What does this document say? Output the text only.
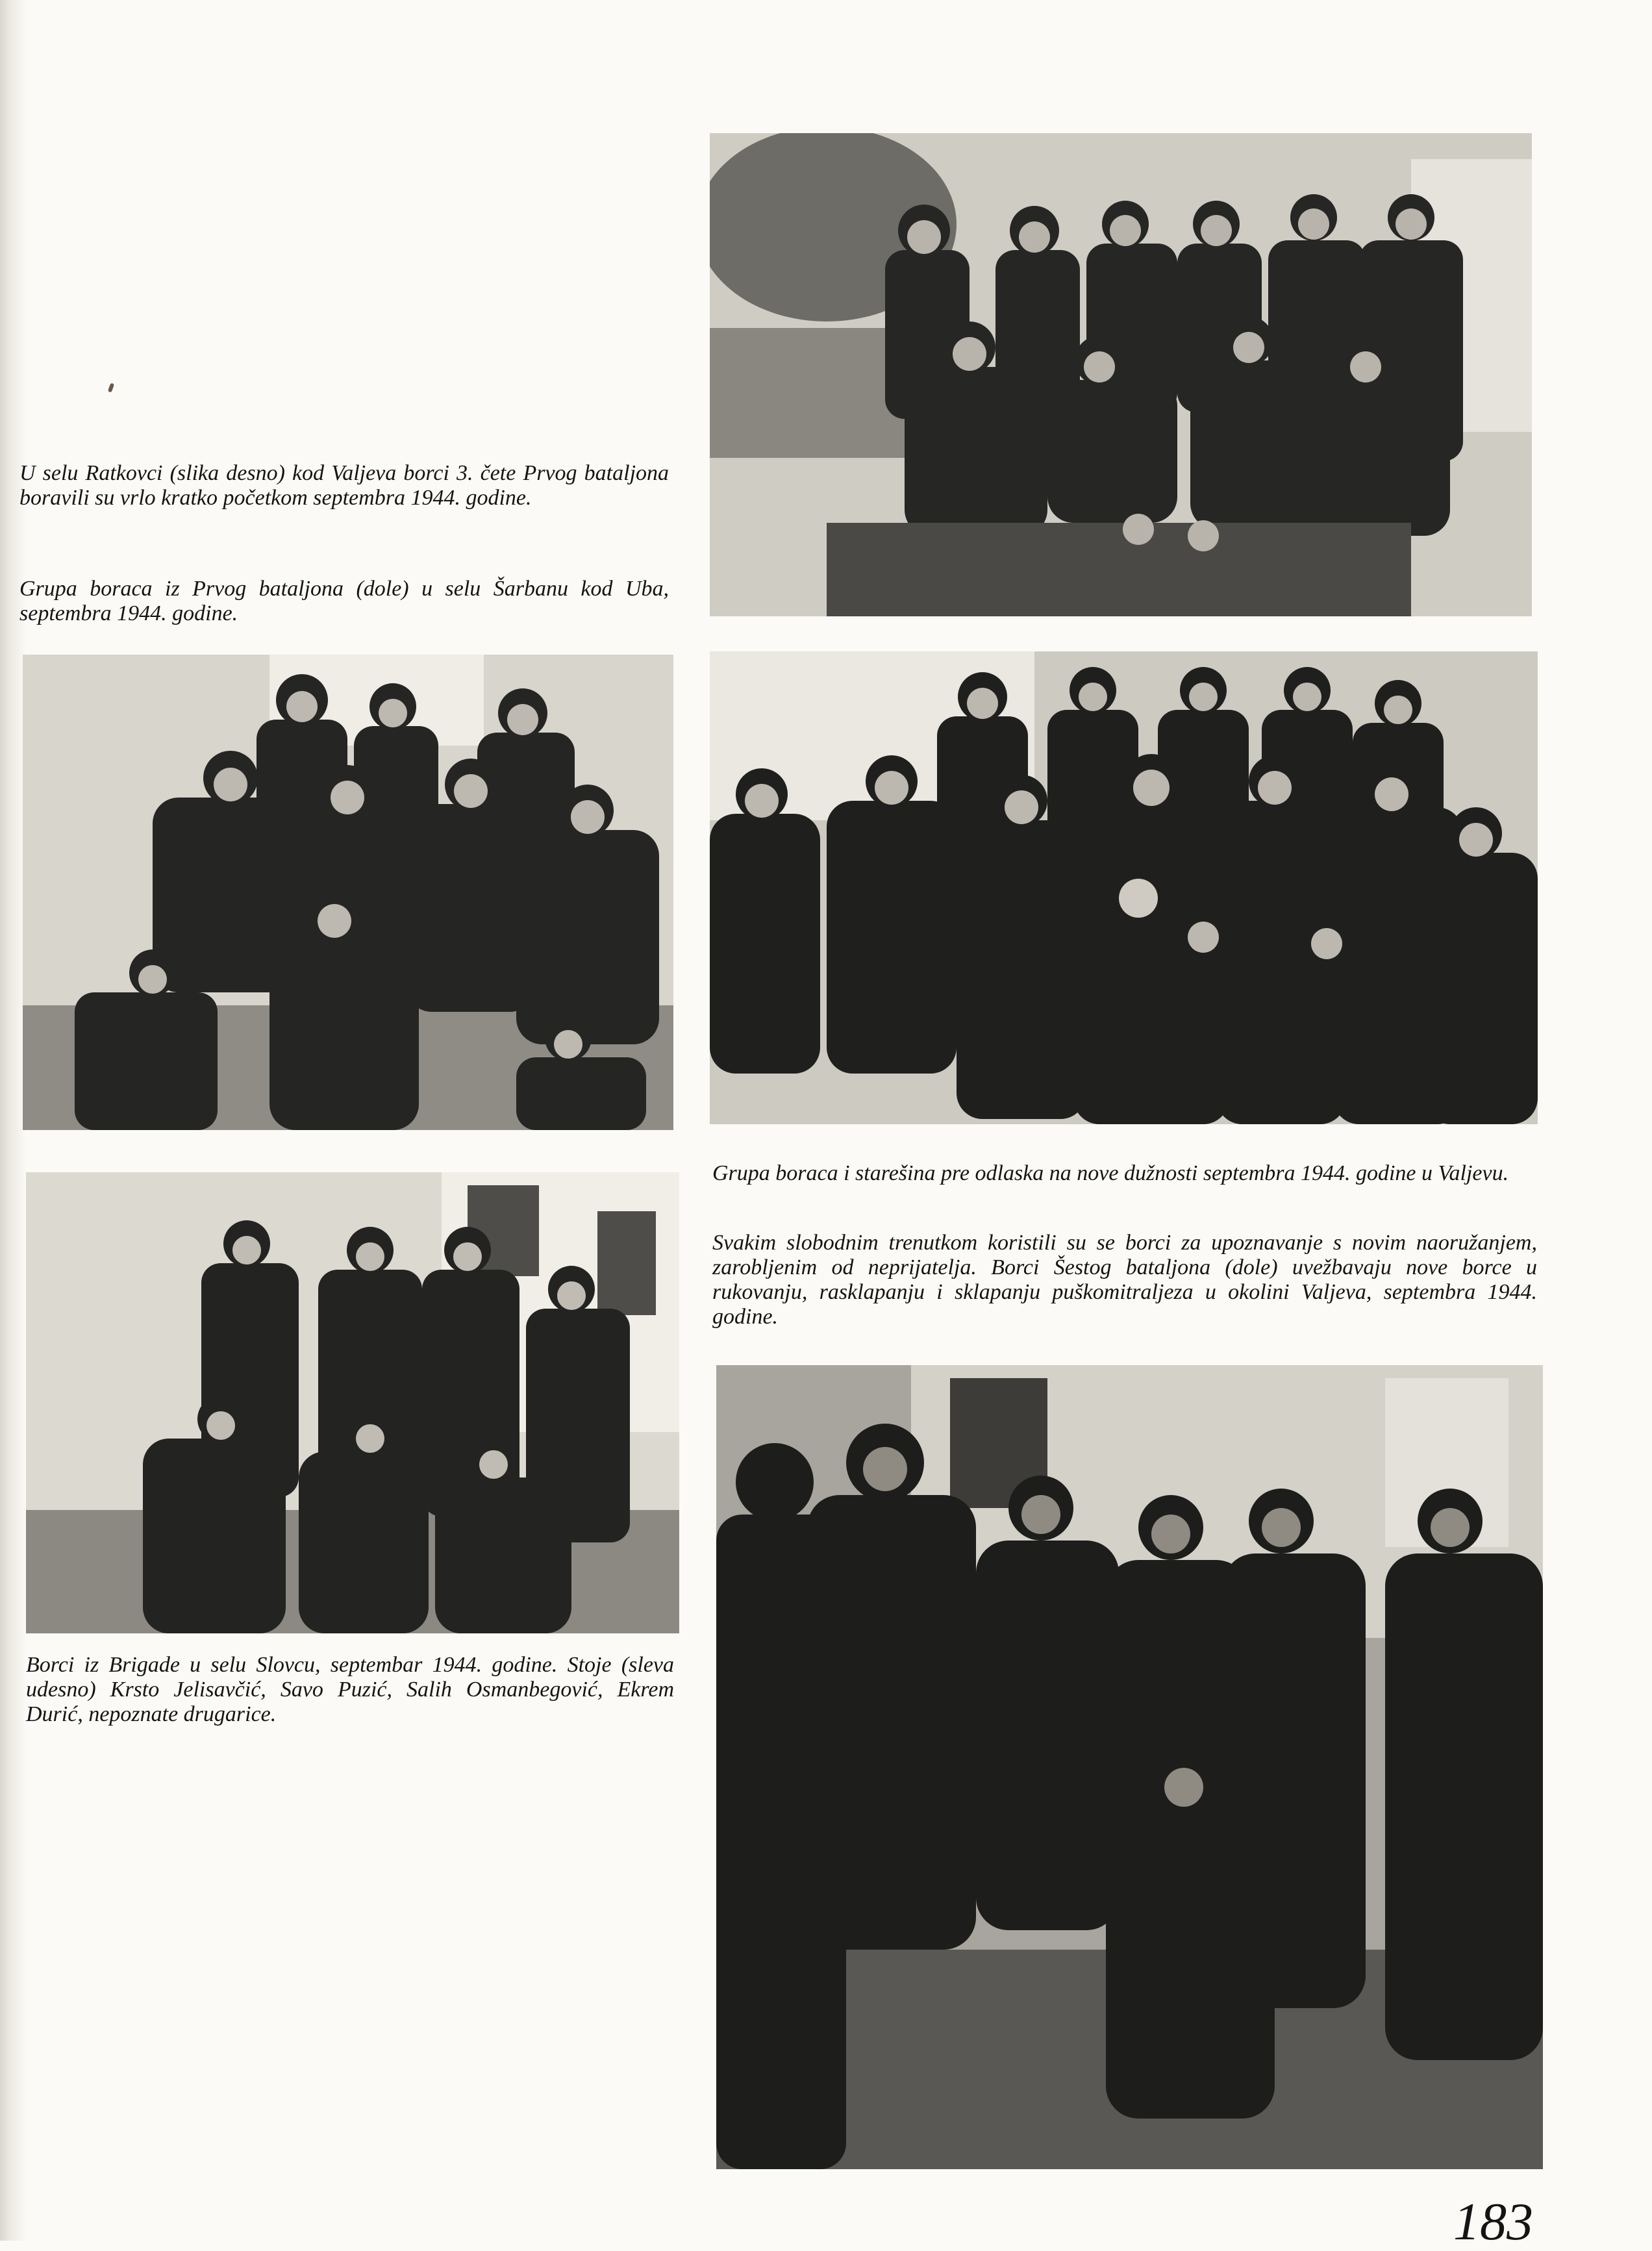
U selu Ratkovci (slika desno) kod Valjeva borci 3. čete Prvog bataljona boravili su vrlo kratko početkom septembra 1944. godine.

Grupa boraca iz Prvog bataljona (dole) u selu Šarbanu kod Uba, septembra 1944. godine.

Grupa boraca i starešina pre odlaska na nove dužnosti septembra 1944. godine u Valjevu.

Svakim slobodnim trenutkom koristili su se borci za upoznavanje s novim naoružanjem, zarobljenim od neprijatelja. Borci Šestog bataljona (dole) uvežbavaju nove borce u rukovanju, rasklapanju i sklapanju puškomitraljeza u okolini Valjeva, septembra 1944. godine.

Borci iz Brigade u selu Slovcu, septembar 1944. godine. Stoje (sleva udesno) Krsto Jelisavčić, Savo Puzić, Salih Osmanbegović, Ekrem Durić, nepoznate drugarice.

183
